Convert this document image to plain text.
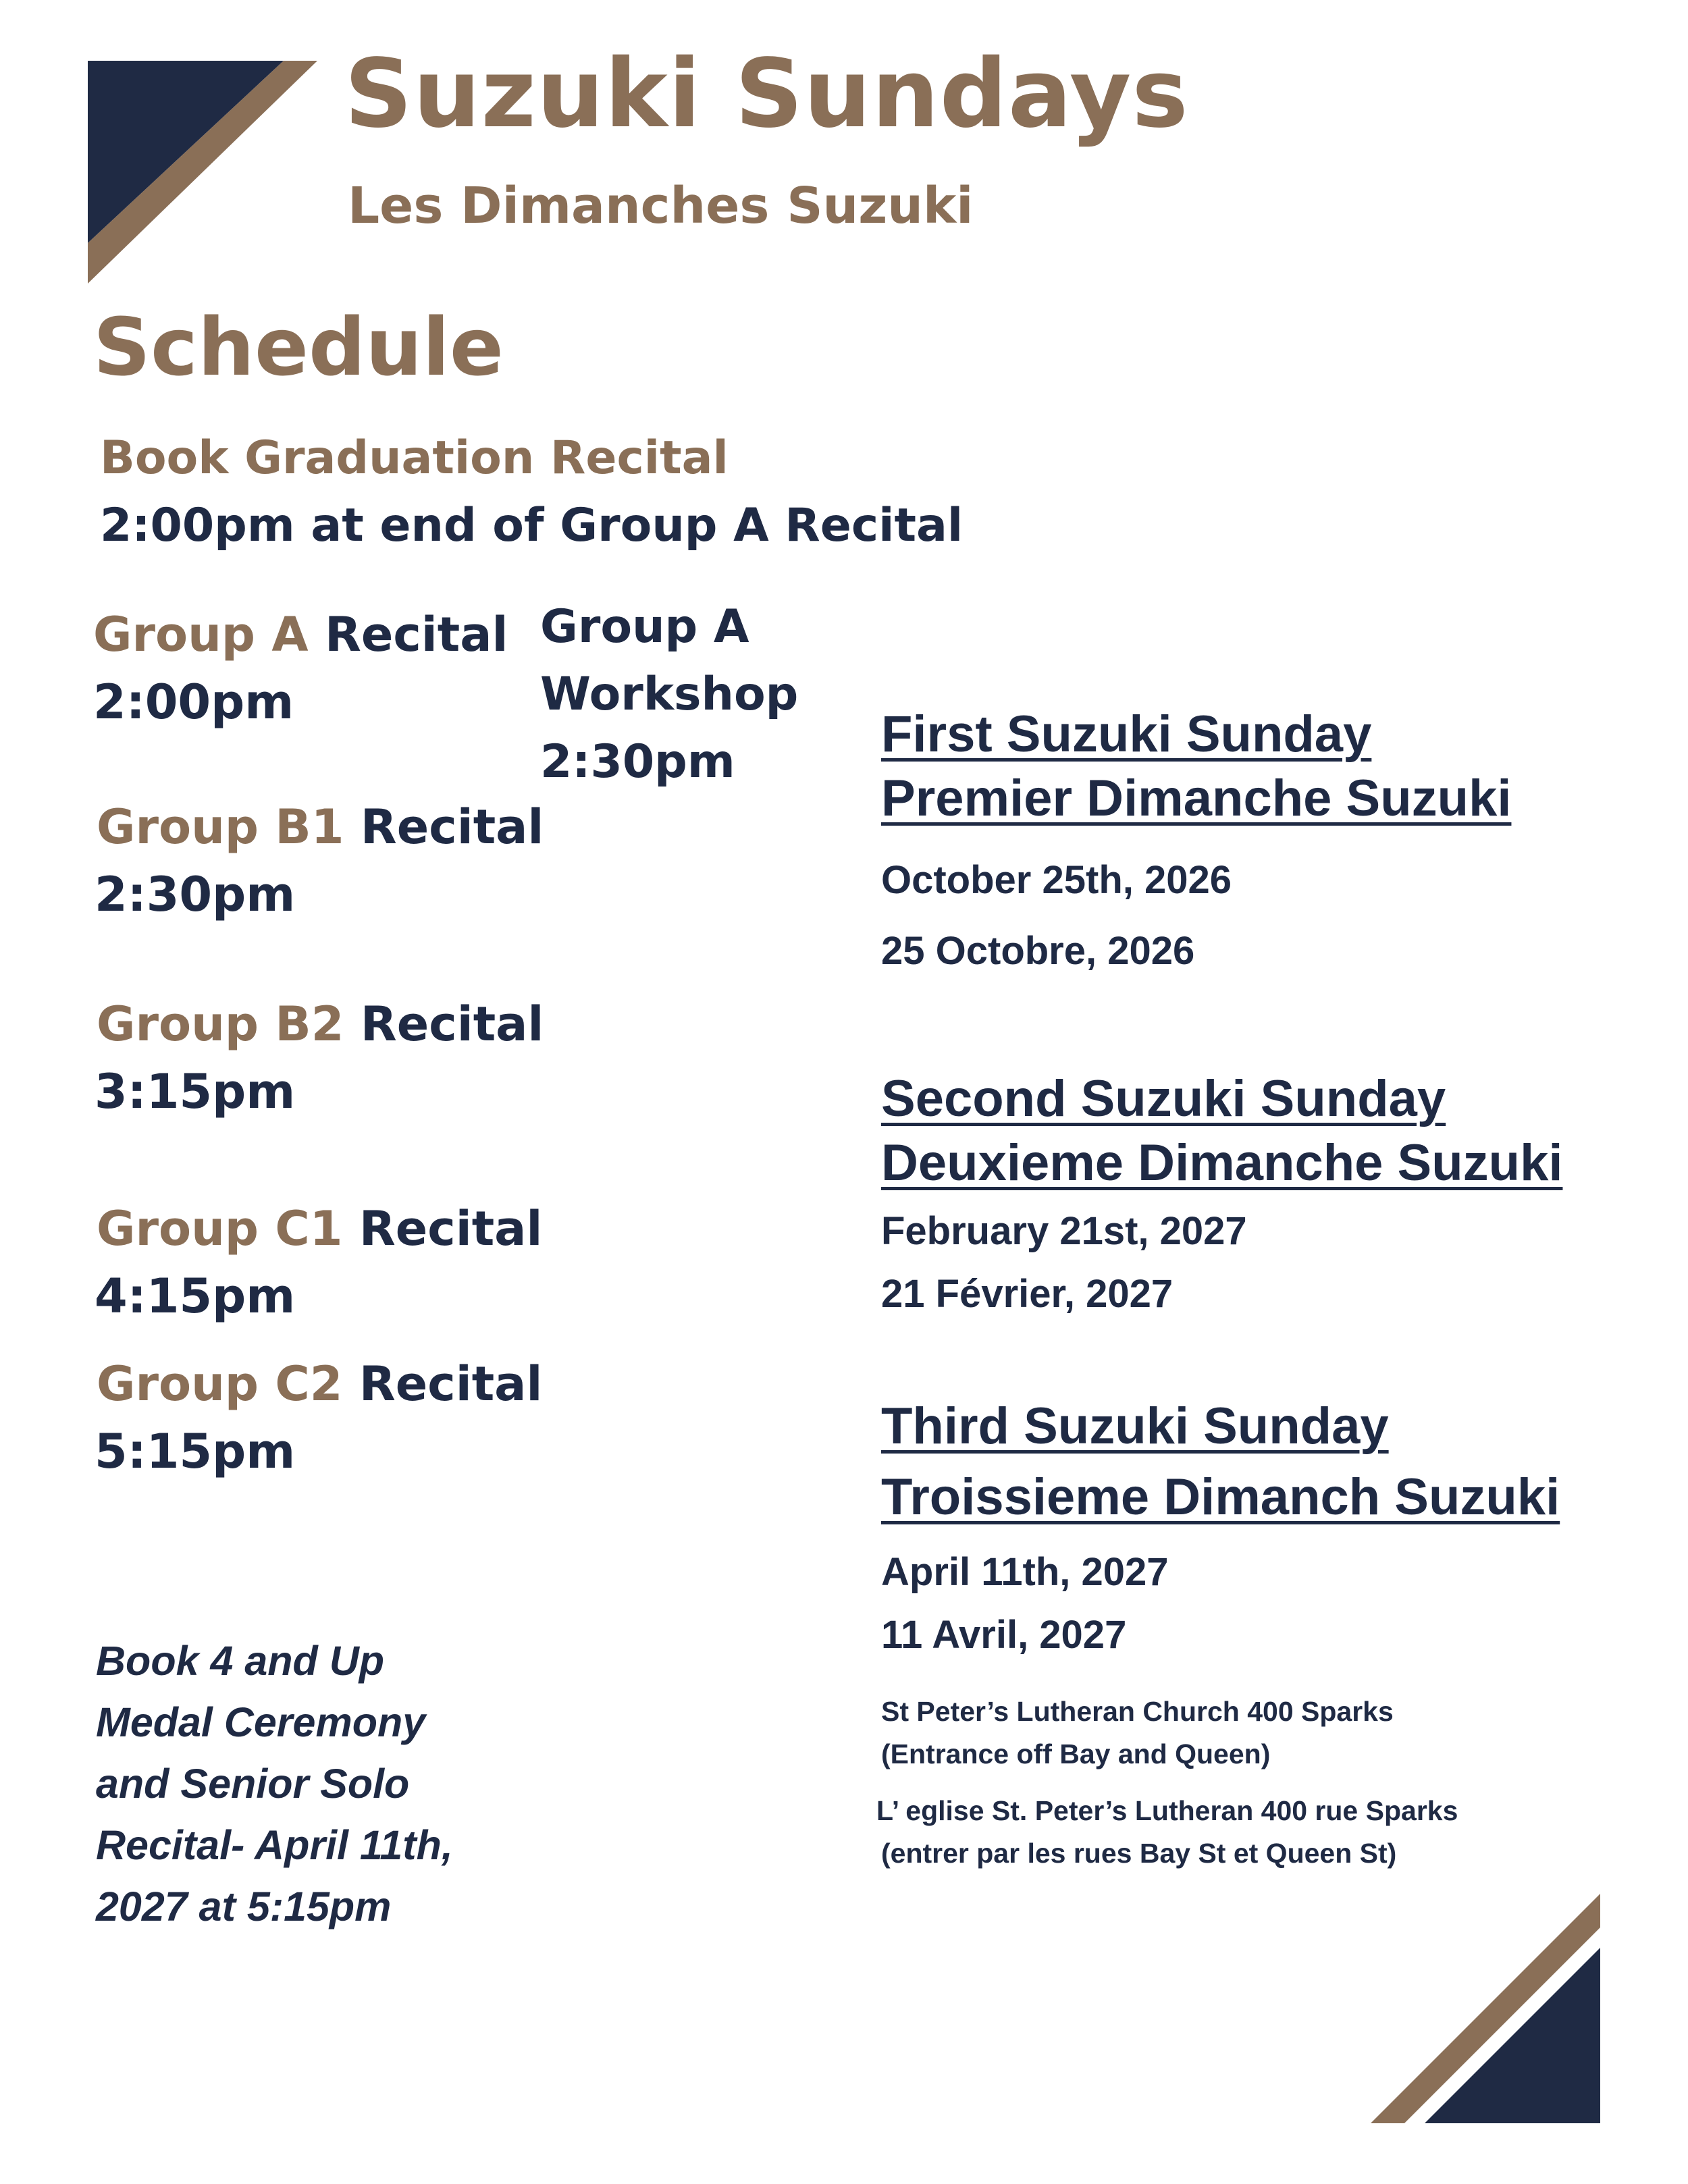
Suzuki Sundays
Les Dimanches Suzuki
Schedule
Book Graduation Recital
2:00pm at end of Group A Recital
Group A Recital
2:00pm
Group B1 Recital
2:30pm
Group B2 Recital
3:15pm
Group C1 Recital
4:15pm
Group C2 Recital
5:15pm
Group A
Workshop
2:30pm
Book 4 and Up
Medal Ceremony
and Senior Solo
Recital- April 11th,
2027 at 5:15pm
First Suzuki Sunday
Premier Dimanche Suzuki
October 25th, 2026
25 Octobre, 2026
Second Suzuki Sunday
Deuxieme Dimanche Suzuki
February 21st, 2027
21 Février, 2027
Third Suzuki Sunday
Troissieme Dimanch Suzuki
April 11th, 2027
11 Avril, 2027
St Peter’s Lutheran Church 400 Sparks
(Entrance off Bay and Queen)
L’ eglise St. Peter’s Lutheran 400 rue Sparks
(entrer par les rues Bay St et Queen St)
